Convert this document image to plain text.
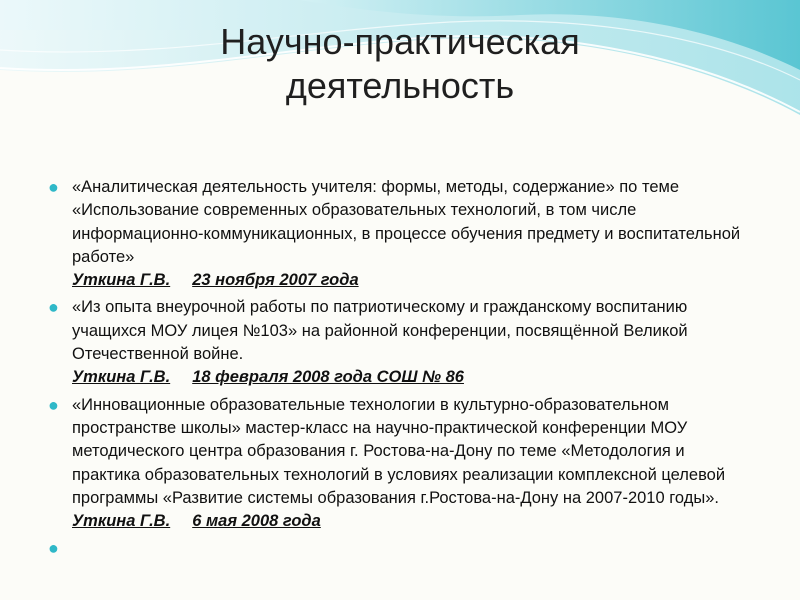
Научно-практическая
деятельность
● «Аналитическая деятельность учителя: формы, методы, содержание» по теме «Использование современных образовательных технологий, в том числе информационно-коммуникационных, в процессе обучения предмету и воспитательной работе»
Уткина Г.В. 23 ноября 2007 года
● «Из опыта внеурочной работы по патриотическому и гражданскому воспитанию учащихся МОУ лицея №103» на районной конференции, посвящённой Великой Отечественной войне.
Уткина Г.В. 18 февраля 2008 года СОШ № 86
● «Инновационные образовательные технологии в культурно-образовательном пространстве школы» мастер-класс на научно-практической конференции МОУ методического центра образования г. Ростова-на-Дону по теме «Методология и практика образовательных технологий в условиях реализации комплексной целевой программы «Развитие системы образования г.Ростова-на-Дону на 2007-2010 годы».
Уткина Г.В. 6 мая 2008 года
●
